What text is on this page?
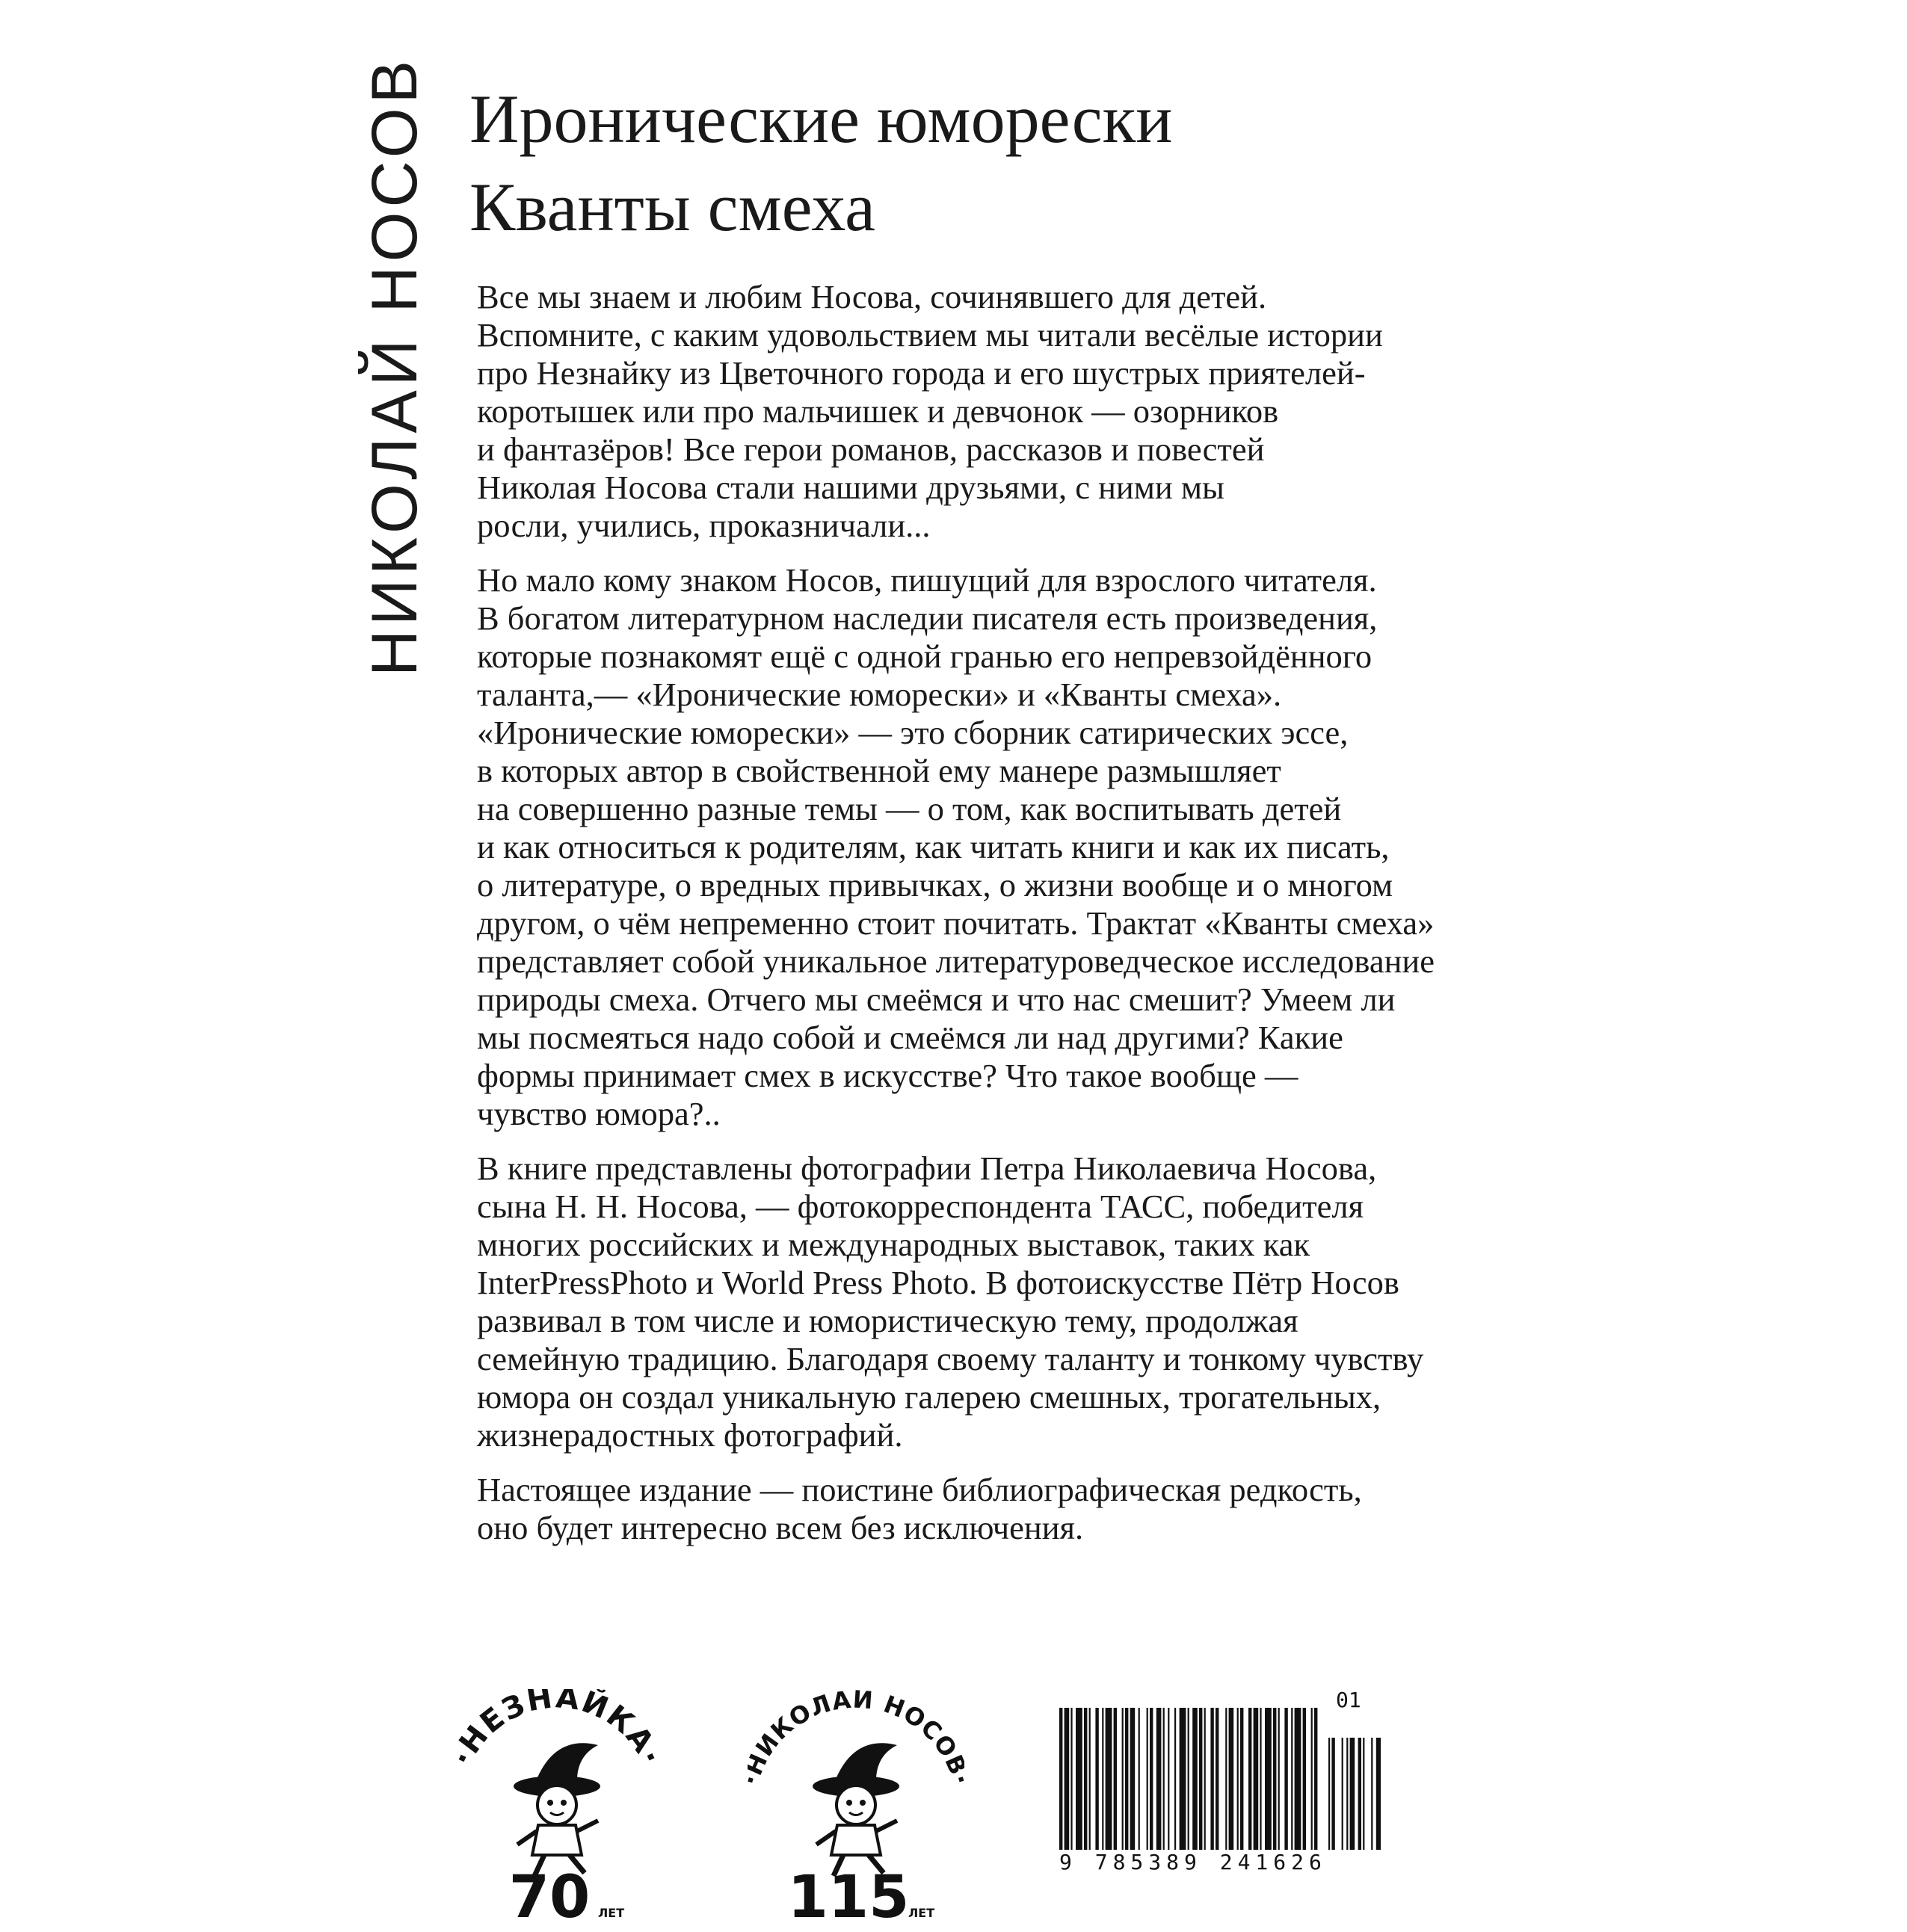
НИКОЛАЙ НОСОВ Иронические юморески
Кванты смеха

Все мы знаем и любим Носова, сочинявшего для детей.
Вспомните, с каким удовольствием мы читали весёлые истории
про Незнайку из Цветочного города и его шустрых приятелей-
коротышек или про мальчишек и девчонок — озорников
и фантазёров! Все герои романов, рассказов и повестей
Николая Носова стали нашими друзьями, с ними мы
росли, учились, проказничали...

Но мало кому знаком Носов, пишущий для взрослого читателя.
В богатом литературном наследии писателя есть произведения,
которые познакомят ещё с одной гранью его непревзойдённого
таланта,— «Иронические юморески» и «Кванты смеха».
«Иронические юморески» — это сборник сатирических эссе,
в которых автор в свойственной ему манере размышляет
на совершенно разные темы — о том, как воспитывать детей
и как относиться к родителям, как читать книги и как их писать,
о литературе, о вредных привычках, о жизни вообще и о многом
другом, о чём непременно стоит почитать. Трактат «Кванты смеха»
представляет собой уникальное литературоведческое исследование
природы смеха. Отчего мы смеёмся и что нас смешит? Умеем ли
мы посмеяться надо собой и смеёмся ли над другими? Какие
формы принимает смех в искусстве? Что такое вообще —
чувство юмора?..

В книге представлены фотографии Петра Николаевича Носова,
сына Н. Н. Носова, — фотокорреспондента ТАСС, победителя
многих российских и международных выставок, таких как
InterPressPhoto и World Press Photo. В фотоискусстве Пётр Носов
развивал в том числе и юмористическую тему, продолжая
семейную традицию. Благодаря своему таланту и тонкому чувству
юмора он создал уникальную галерею смешных, трогательных,
жизнерадостных фотографий.

Настоящее издание — поистине библиографическая редкость,
оно будет интересно всем без исключения.

·НЕЗНАЙКА·
70 ЛЕТ
ИКОЛАЙ НОСО
115
ЛЕТ
01
9 785389 241626
